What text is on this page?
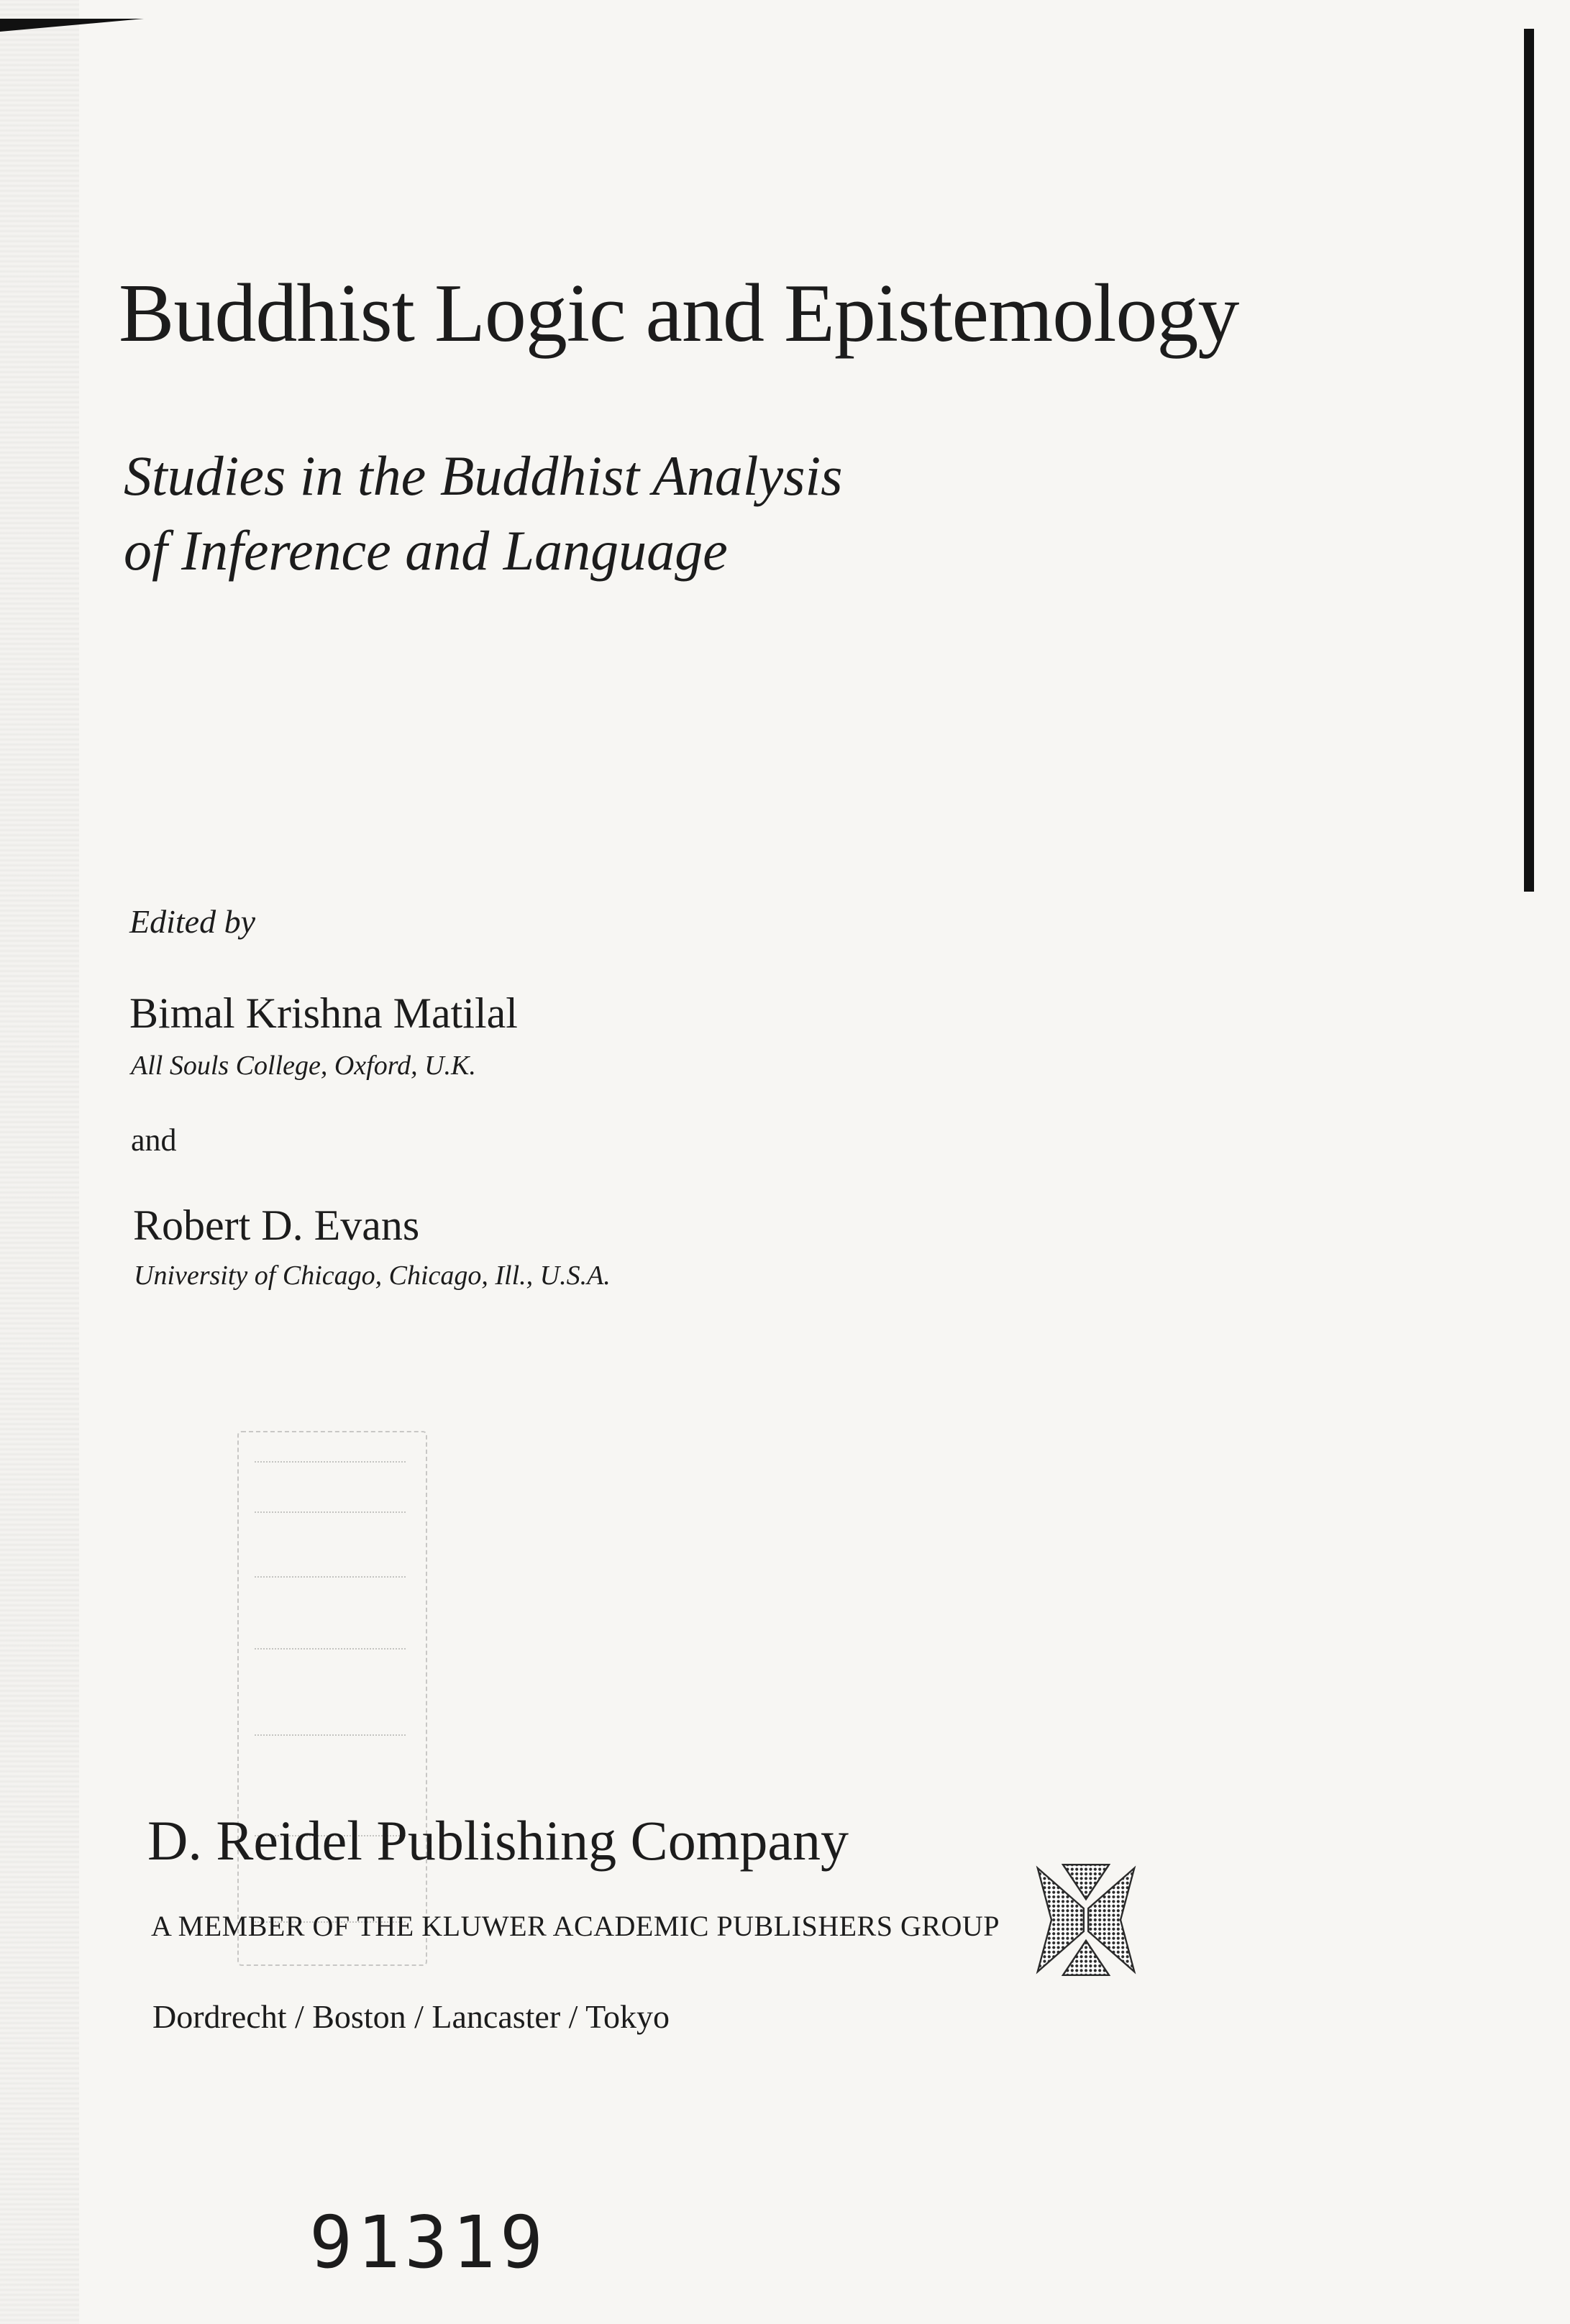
Buddhist Logic and Epistemology
Studies in the Buddhist Analysis
of Inference and Language

Edited by

Bimal Krishna Matilal

All Souls College, Oxford, U.K.

and

Robert D. Evans

University of Chicago, Chicago, Ill., U.S.A.

D. Reidel Publishing Company

A MEMBER OF THE KLUWER ACADEMIC PUBLISHERS GROUP

Dordrecht / Boston / Lancaster / Tokyo

91319
